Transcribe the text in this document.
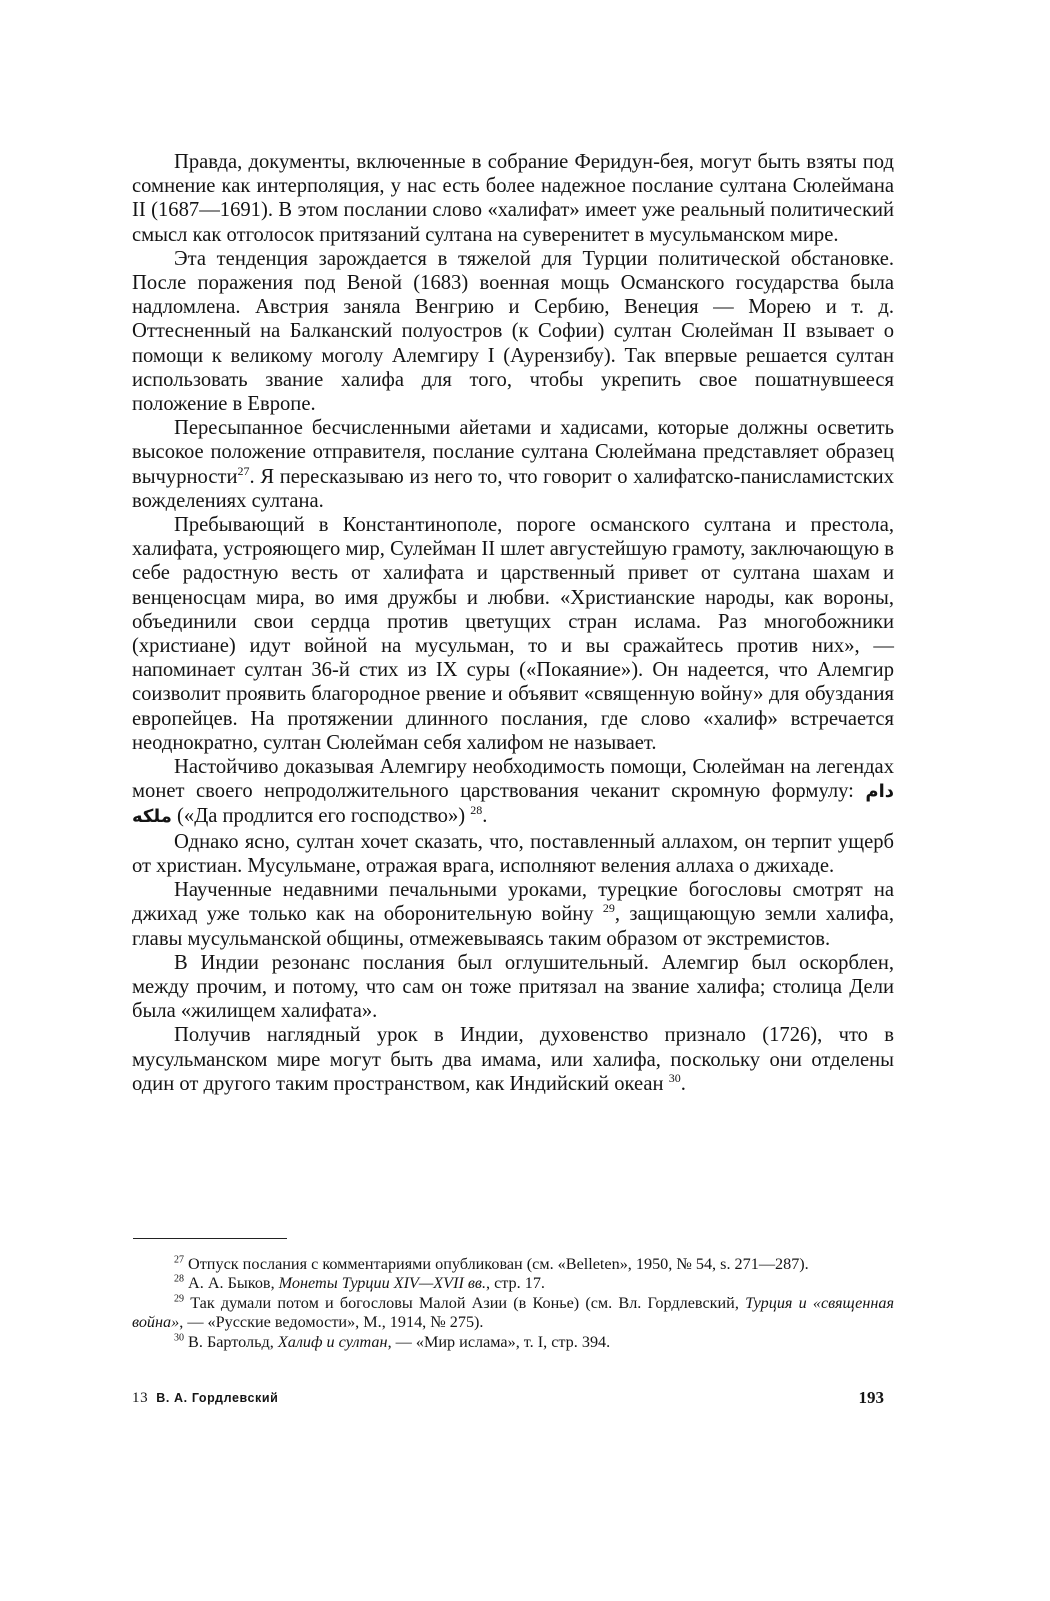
Правда, документы, включенные в собрание Феридун-бея, могут быть взяты под сомнение как интерполяция, у нас есть более надежное послание султана Сюлеймана II (1687—1691). В этом послании слово «халифат» имеет уже реальный политический смысл как отголосок притязаний султана на суверенитет в мусульманском мире.

Эта тенденция зарождается в тяжелой для Турции политической обстановке. После поражения под Веной (1683) военная мощь Османского государства была надломлена. Австрия заняла Венгрию и Сербию, Венеция — Морею и т. д. Оттесненный на Балканский полуостров (к Софии) султан Сюлейман II взывает о помощи к великому моголу Алемгиру I (Аурензибу). Так впервые решается султан использовать звание халифа для того, чтобы укрепить свое пошатнувшееся положение в Европе.

Пересыпанное бесчисленными айетами и хадисами, которые должны осветить высокое положение отправителя, послание султана Сюлеймана представляет образец вычурности$^{27}$. Я пересказываю из него то, что говорит о халифатско-панисламистских вожделениях султана.

Пребывающий в Константинополе, пороге османского султана и престола, халифата, устрояющего мир, Сулейман II шлет августейшую грамоту, заключающую в себе радостную весть от халифата и царственный привет от султана шахам и венценосцам мира, во имя дружбы и любви. «Христианские народы, как вороны, объединили свои сердца против цветущих стран ислама. Раз многобожники (христиане) идут войной на мусульман, то и вы сражайтесь против них», — напоминает султан 36-й стих из IX суры («Покаяние»). Он надеется, что Алемгир соизволит проявить благородное рвение и объявит «священную войну» для обуздания европейцев. На протяжении длинного послания, где слово «халиф» встречается неоднократно, султан Сюлейман себя халифом не называет.

Настойчиво доказывая Алемгиру необходимость помощи, Сюлейман на легендах монет своего непродолжительного царствования чеканит скромную формулу: دام ملکه («Да продлится его господство») $^{28}$.

Однако ясно, султан хочет сказать, что, поставленный аллахом, он терпит ущерб от христиан. Мусульмане, отражая врага, исполняют веления аллаха о джихаде.

Наученные недавними печальными уроками, турецкие богословы смотрят на джихад уже только как на оборонительную войну $^{29}$, защищающую земли халифа, главы мусульманской общины, отмежевываясь таким образом от экстремистов.

В Индии резонанс послания был оглушительный. Алемгир был оскорблен, между прочим, и потому, что сам он тоже притязал на звание халифа; столица Дели была «жилищем халифата».

Получив наглядный урок в Индии, духовенство признало (1726), что в мусульманском мире могут быть два имама, или халифа, поскольку они отделены один от другого таким пространством, как Индийский океан $^{30}$.

$^{27}$ Отпуск послания с комментариями опубликован (см. «Belleten», 1950, № 54, s. 271—287).

$^{28}$ А. А. Быков, Монеты Турции XIV—XVII вв., стр. 17.

$^{29}$ Так думали потом и богословы Малой Азии (в Конье) (см. Вл. Гордлевский, Турция и «священная война», — «Русские ведомости», М., 1914, № 275).

$^{30}$ В. Бартольд, Халиф и султан, — «Мир ислама», т. I, стр. 394.

13 В. А. Гордлевский	193
